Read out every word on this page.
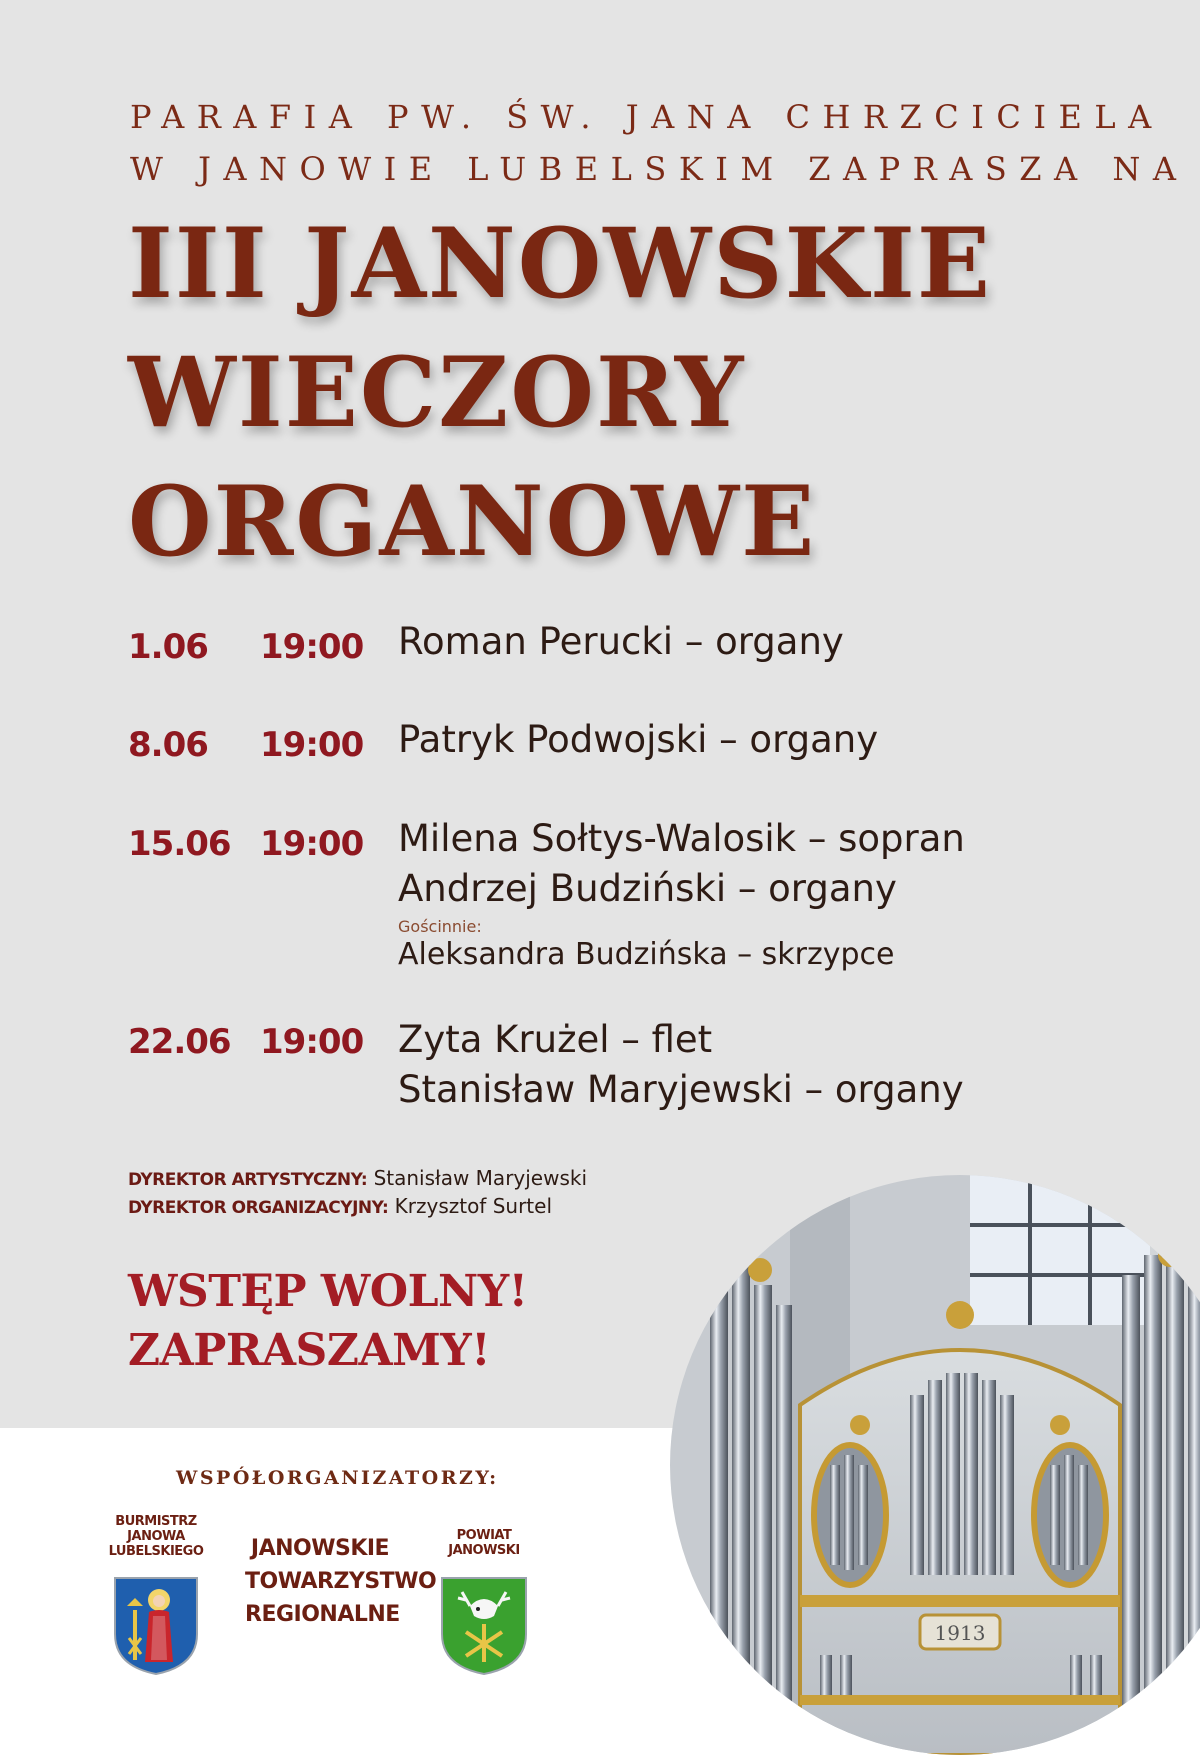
PARAFIA PW. ŚW. JANA CHRZCICIELA
W JANOWIE LUBELSKIM ZAPRASZA NA
III JANOWSKIE
WIECZORY
ORGANOWE
1.06 19:00 Roman Perucki – organy
8.06 19:00 Patryk Podwojski – organy
15.06 19:00 Milena Sołtys-Walosik – sopran
Andrzej Budziński – organy
Gościnnie:
Aleksandra Budzińska – skrzypce
22.06 19:00 Zyta Krużel – flet
Stanisław Maryjewski – organy
DYREKTOR ARTYSTYCZNY: Stanisław Maryjewski
DYREKTOR ORGANIZACYJNY: Krzysztof Surtel
WSTĘP WOLNY!
ZAPRASZAMY!
WSPÓŁORGANIZATORZY:
BURMISTRZ
JANOWA
LUBELSKIEGO	JANOWSKIE
TOWARZYSTWO
REGIONALNE
POWIAT
JANOWSKI
1913
